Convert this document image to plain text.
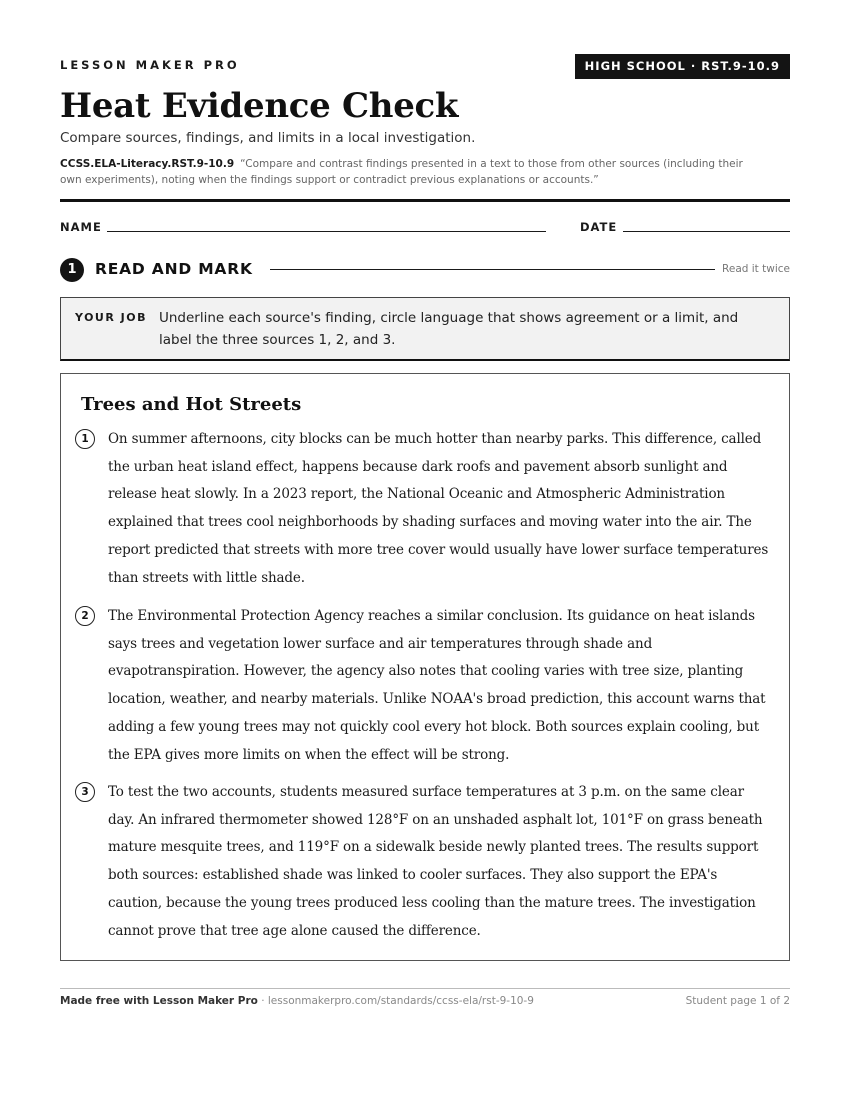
LESSON MAKER PRO	HIGH SCHOOL · RST.9-10.9
Heat Evidence Check
Compare sources, findings, and limits in a local investigation.
CCSS.ELA-Literacy.RST.9-10.9 “Compare and contrast findings presented in a text to those from other sources (including their own experiments), noting when the findings support or contradict previous explanations or accounts.”
NAME	DATE
1	READ AND MARK	Read it twice
YOUR JOB Underline each source's finding, circle language that shows agreement or a limit, and label the three sources 1, 2, and 3.
Trees and Hot Streets
1	On summer afternoons, city blocks can be much hotter than nearby parks. This difference, called the urban heat island effect, happens because dark roofs and pavement absorb sunlight and release heat slowly. In a 2023 report, the National Oceanic and Atmospheric Administration explained that trees cool neighborhoods by shading surfaces and moving water into the air. The report predicted that streets with more tree cover would usually have lower surface temperatures than streets with little shade.

2	The Environmental Protection Agency reaches a similar conclusion. Its guidance on heat islands says trees and vegetation lower surface and air temperatures through shade and evapotranspiration. However, the agency also notes that cooling varies with tree size, planting location, weather, and nearby materials. Unlike NOAA's broad prediction, this account warns that adding a few young trees may not quickly cool every hot block. Both sources explain cooling, but the EPA gives more limits on when the effect will be strong.

3	To test the two accounts, students measured surface temperatures at 3 p.m. on the same clear day. An infrared thermometer showed 128°F on an unshaded asphalt lot, 101°F on grass beneath mature mesquite trees, and 119°F on a sidewalk beside newly planted trees. The results support both sources: established shade was linked to cooler surfaces. They also support the EPA's caution, because the young trees produced less cooling than the mature trees. The investigation cannot prove that tree age alone caused the difference.

Made free with Lesson Maker Pro · lessonmakerpro.com/standards/ccss-ela/rst-9-10-9	Student page 1 of 2
